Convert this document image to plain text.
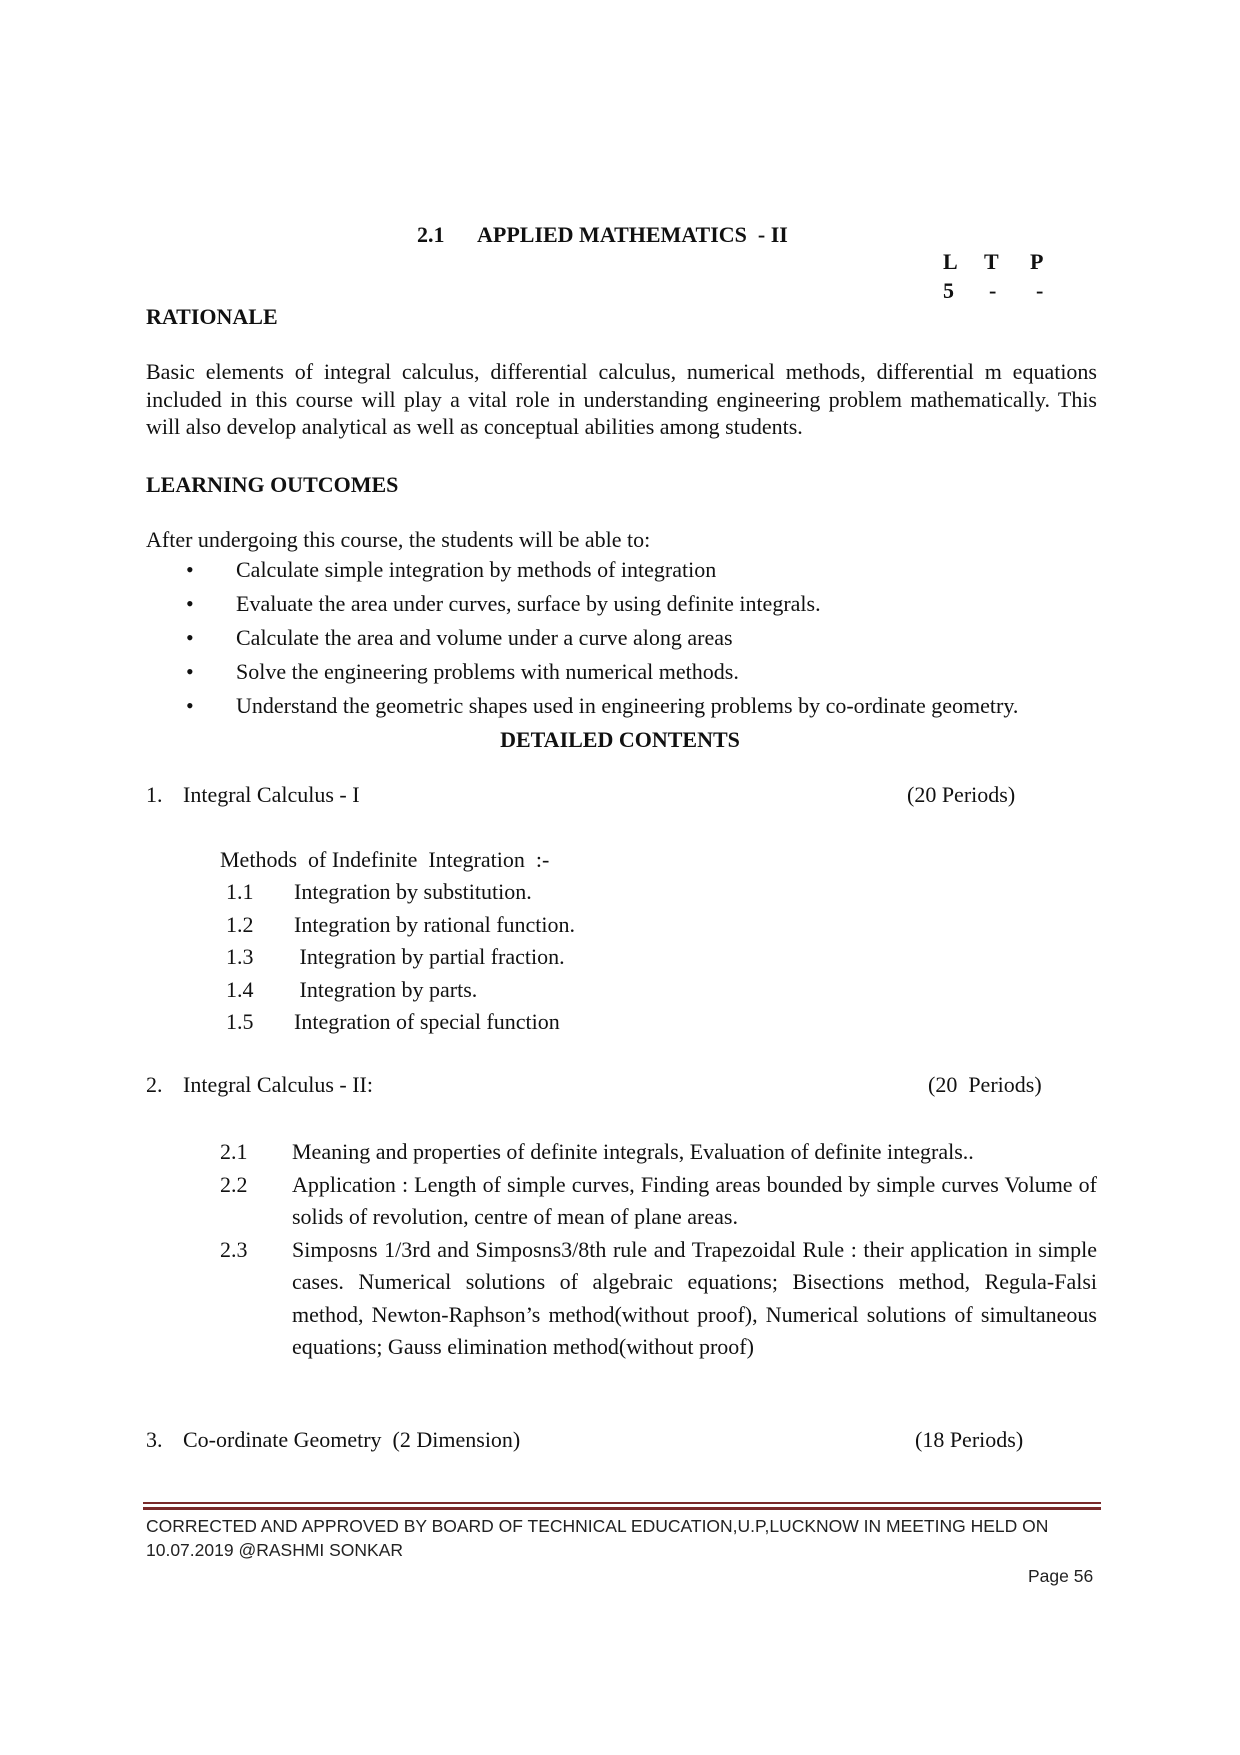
2.1 APPLIED MATHEMATICS  - II
L T P
5 - -
RATIONALE
Basic elements of integral calculus, differential calculus, numerical methods, differential m equations included in this course will play a vital role in understanding engineering problem mathematically. This will also develop analytical as well as conceptual abilities among students.
LEARNING OUTCOMES
After undergoing this course, the students will be able to:
•	Calculate simple integration by methods of integration
•	Evaluate the area under curves, surface by using definite integrals.
•	Calculate the area and volume under a curve along areas
•	Solve the engineering problems with numerical methods.
•	Understand the geometric shapes used in engineering problems by co-ordinate geometry.
DETAILED CONTENTS
1. Integral Calculus - I	(20 Periods)
Methods  of Indefinite  Integration  :-
1.1 Integration by substitution.
1.2 Integration by rational function.
1.3 Integration by partial fraction.
1.4 Integration by parts.
1.5 Integration of special function
2. Integral Calculus - II:	(20  Periods)
2.1	Meaning and properties of definite integrals, Evaluation of definite integrals..
2.2	Application : Length of simple curves, Finding areas bounded by simple curves Volume of solids of revolution, centre of mean of plane areas.
2.3	Simposns 1/3rd and Simposns3/8th rule and Trapezoidal Rule : their application in simple cases. Numerical solutions of algebraic equations; Bisections method, Regula-Falsi method, Newton-Raphson’s method(without proof), Numerical solutions of simultaneous equations; Gauss elimination method(without proof)
3. Co-ordinate Geometry  (2 Dimension)	(18 Periods)
CORRECTED AND APPROVED BY BOARD OF TECHNICAL EDUCATION,U.P,LUCKNOW IN MEETING HELD ON
10.07.2019 @RASHMI SONKAR
Page 56
